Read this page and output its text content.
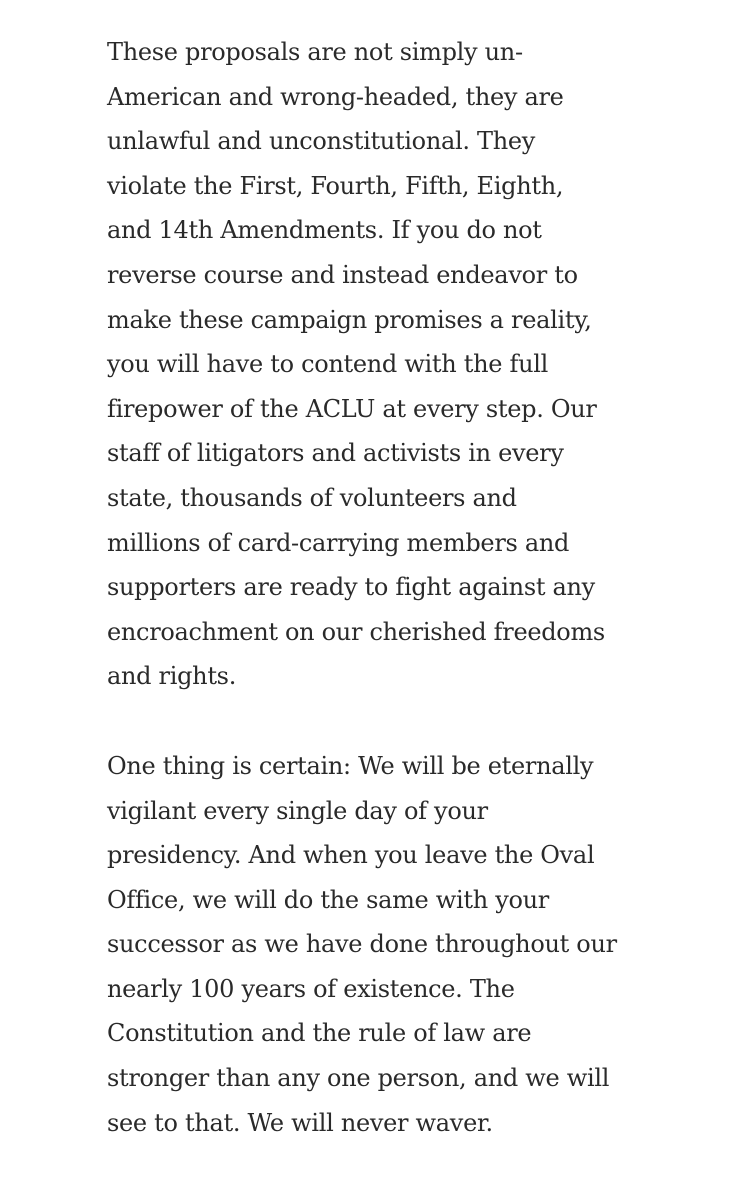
These proposals are not simply un-
American and wrong-headed, they are
unlawful and unconstitutional. They
violate the First, Fourth, Fifth, Eighth,
and 14th Amendments. If you do not
reverse course and instead endeavor to
make these campaign promises a reality,
you will have to contend with the full
firepower of the ACLU at every step. Our
staff of litigators and activists in every
state, thousands of volunteers and
millions of card-carrying members and
supporters are ready to fight against any
encroachment on our cherished freedoms
and rights.

One thing is certain: We will be eternally
vigilant every single day of your
presidency. And when you leave the Oval
Office, we will do the same with your
successor as we have done throughout our
nearly 100 years of existence. The
Constitution and the rule of law are
stronger than any one person, and we will
see to that. We will never waver.
